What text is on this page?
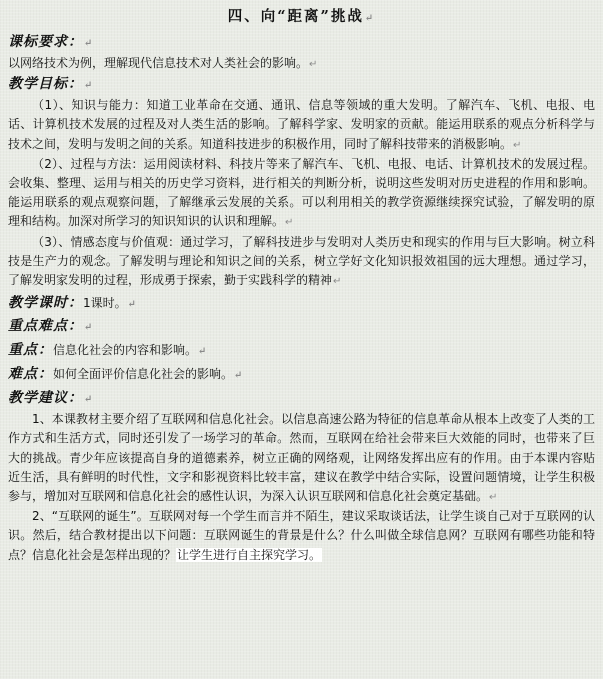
四、向“距离”挑战↵
课标要求：↵
以网络技术为例，理解现代信息技术对人类社会的影响。↵
教学目标：↵
（1）、知识与能力：知道工业革命在交通、通讯、信息等领域的重大发明。了解汽车、飞机、电报、电话、计算机技术发展的过程及对人类生活的影响。了解科学家、发明家的贡献。能运用联系的观点分析科学与技术之间，发明与发明之间的关系。知道科技进步的积极作用，同时了解科技带来的消极影响。↵
（2）、过程与方法：运用阅读材料、科技片等来了解汽车、飞机、电报、电话、计算机技术的发展过程。会收集、整理、运用与相关的历史学习资料，进行相关的判断分析，说明这些发明对历史进程的作用和影响。能运用联系的观点观察问题，了解继承云发展的关系。可以利用相关的教学资源继续探究试验，了解发明的原理和结构。加深对所学习的知识知识的认识和理解。↵
（3）、情感态度与价值观：通过学习，了解科技进步与发明对人类历史和现实的作用与巨大影响。树立科技是生产力的观念。了解发明与理论和知识之间的关系，树立学好文化知识报效祖国的远大理想。通过学习，了解发明家发明的过程，形成勇于探索，勤于实践科学的精神↵
教学课时：1课时。↵
重点难点：↵
重点：信息化社会的内容和影响。↵
难点：如何全面评价信息化社会的影响。↵
教学建议：↵
1、本课教材主要介绍了互联网和信息化社会。以信息高速公路为特征的信息革命从根本上改变了人类的工作方式和生活方式，同时还引发了一场学习的革命。然而，互联网在给社会带来巨大效能的同时，也带来了巨大的挑战。青少年应该提高自身的道德素养，树立正确的网络观，让网络发挥出应有的作用。由于本课内容贴近生活，具有鲜明的时代性，文字和影视资料比较丰富，建议在教学中结合实际，设置问题情境，让学生积极参与，增加对互联网和信息化社会的感性认识，为深入认识互联网和信息化社会奠定基础。↵
2、“互联网的诞生”。互联网对每一个学生而言并不陌生，建议采取谈话法，让学生谈自己对于互联网的认识。然后，结合教材提出以下问题：互联网诞生的背景是什么？什么叫做全球信息网？互联网有哪些功能和特点？信息化社会是怎样出现的？让学生进行自主探究学习。
